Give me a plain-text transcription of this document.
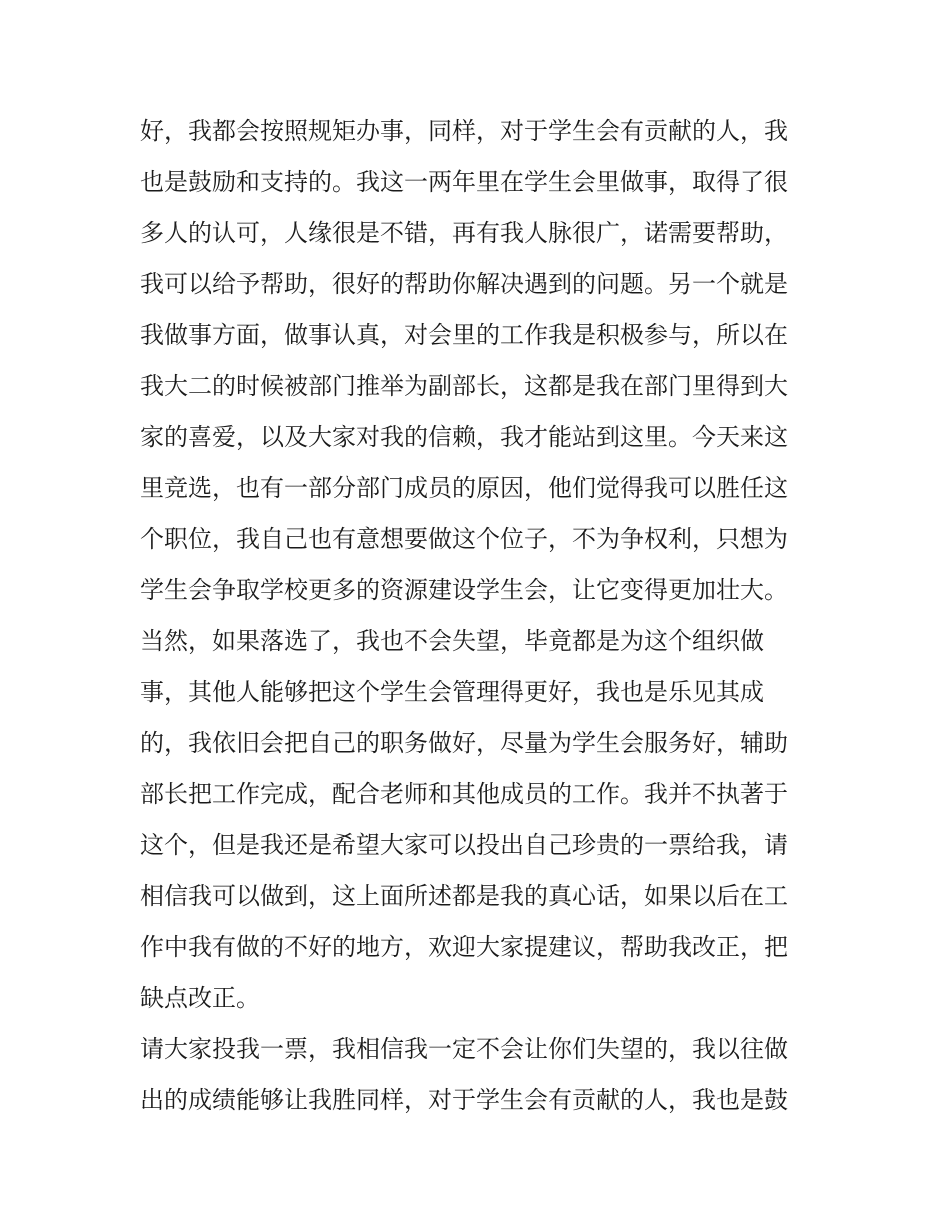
好，我都会按照规矩办事，同样，对于学生会有贡献的人，我
也是鼓励和支持的。我这一两年里在学生会里做事，取得了很
多人的认可，人缘很是不错，再有我人脉很广，诺需要帮助，
我可以给予帮助，很好的帮助你解决遇到的问题。另一个就是
我做事方面，做事认真，对会里的工作我是积极参与，所以在
我大二的时候被部门推举为副部长，这都是我在部门里得到大
家的喜爱，以及大家对我的信赖，我才能站到这里。今天来这
里竞选，也有一部分部门成员的原因，他们觉得我可以胜任这
个职位，我自己也有意想要做这个位子，不为争权利，只想为
学生会争取学校更多的资源建设学生会，让它变得更加壮大。
当然，如果落选了，我也不会失望，毕竟都是为这个组织做
事，其他人能够把这个学生会管理得更好，我也是乐见其成
的，我依旧会把自己的职务做好，尽量为学生会服务好，辅助
部长把工作完成，配合老师和其他成员的工作。我并不执著于
这个，但是我还是希望大家可以投出自己珍贵的一票给我，请
相信我可以做到，这上面所述都是我的真心话，如果以后在工
作中我有做的不好的地方，欢迎大家提建议，帮助我改正，把
缺点改正。
请大家投我一票，我相信我一定不会让你们失望的，我以往做
出的成绩能够让我胜同样，对于学生会有贡献的人，我也是鼓
